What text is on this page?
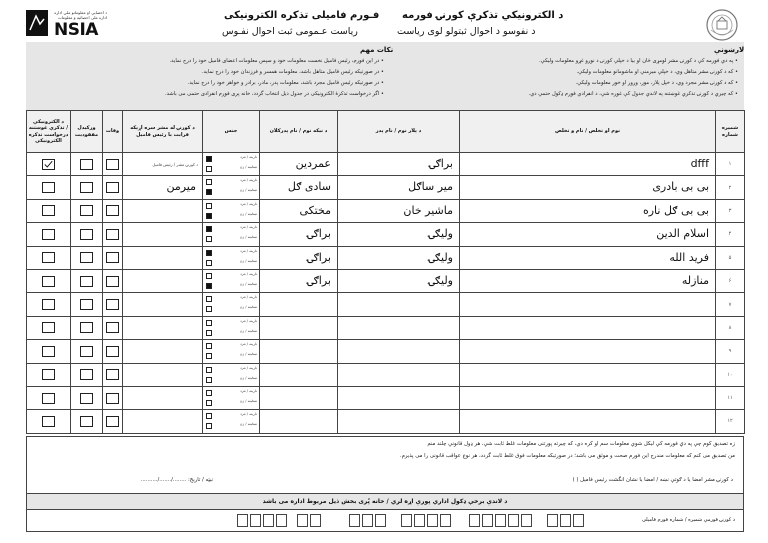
د الکترونیکي تذکرې کورنۍ فورمه
د نفوسو د احوال ثبتولو لوی ریاست
فـورم فامیلی تذکره الکترونیکی
ریاست عـمومی ثبت احوال نفـوس
د احصایې او معلوماتو ملي اداره
اداره ملی احصائیه و معلومات
NSIA
لارښونې
نکات مهم
• په دې فورمه کې د کورنۍ مشر لومړی ځان او بیا د خپلې کورنۍ د نورو غړو معلومات ولیکي.
• که د کورنۍ مشر متاهل وي، د خپلې میرمنې او ماشومانو معلومات ولیکي.
• که د کورنۍ مشر مجرد وي، د خپل پلار، مور، ورور او خور معلومات ولیکي.
• که چیرې د کورنۍ تذکرې غوښتنه په لاندې جدول کې غوره شي، د انفرادي فورم ډکول حتمي دي.
• در این فورم، رئیس فامیل نخست معلومات خود و سپس معلومات اعضای فامیل خود را درج نماید.
• در صورتیکه رئیس فامیل متاهل باشد، معلومات همسر و فرزندان خود را درج نماید.
• در صورتیکه رئیس فامیل مجرد باشد، معلومات پدر، مادر، برادر و خواهر خود را درج نماید.
• اگر درخواست تذکرۀ الکترونیکی در جدول ذیل انتخاب گردد، خانه پری فورم انفرادی حتمی می باشد.
د الکترونیکي
تذکرې غوښتنه /
درخواست تذکره
الکترونیکی	ورکیدل
مفقودیت	وفات	د کورنۍ له مشر سره اړیکه
قرابت با رئیس فامیل	جنس	د نیکه نوم / نام پدرکلان	د پلار نوم / نام پدر	نوم او تخلص / نام و تخلص	شمیره
شماره

د کورنۍ مشر / رئیس فامیل	نارینه / مرد
ښځینه / زن	عمردین	براګۍ	dfff	۱

			میرمن	نارینه / مرد
ښځینه / زن	سادی ګل	میر ساګل	بی بی بادری	۲

				نارینه / مرد
ښځینه / زن	مختکی	ماشیر خان	بی بی ګل ناره	۳

				نارینه / مرد
ښځینه / زن	براګۍ	ولیګۍ	اسلام الدین	۴

				نارینه / مرد
ښځینه / زن	براګۍ	ولیګۍ	فرید الله	۵

				نارینه / مرد
ښځینه / زن	براګۍ	ولیګۍ	منازله	۶

				نارینه / مرد
ښځینه / زن				۷

				نارینه / مرد
ښځینه / زن				۸

				نارینه / مرد
ښځینه / زن				۹

				نارینه / مرد
ښځینه / زن				۱۰

				نارینه / مرد
ښځینه / زن				۱۱

				نارینه / مرد
ښځینه / زن				۱۲
زه تصدیق کوم چې په دې فورمه کې لیکل شوي معلومات سم او کره دي، که چیرته پورتنی معلومات غلط ثابت شي، هر ډول قانوني چلند منم
من تصدیق می کنم که معلومات مندرج این فورم صحت و موثق می باشد؛ در صورتیکه معلومات فوق غلط ثابت گردد، هر نوع عواقب قانونی را می پذیرم.
د کورنۍ مشر امضا یا د ګوتې نښه / امضا یا نشان انگشت رئیس فامیل ( )
نیټه / تاریخ: ......../......./..........
د لاندې برخې ډکول اداري پورې اړه لري / خانه پُری بخش ذیل مربوط اداره می باشد
د کورنۍ فورمې شمیره / شماره فورم فامیلی
